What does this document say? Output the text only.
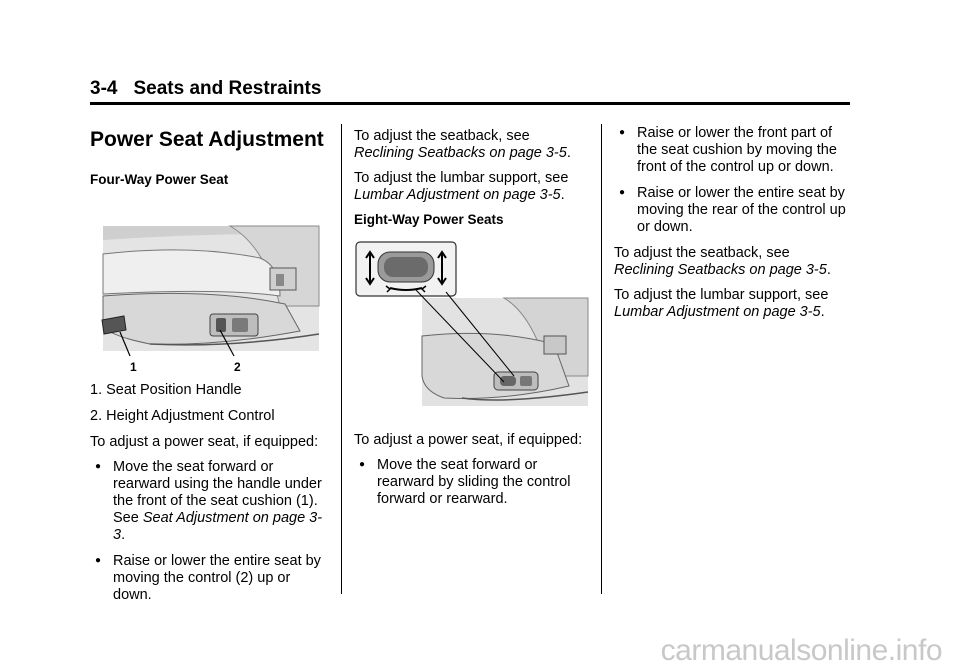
3-4 Seats and Restraints
Power Seat Adjustment
Four-Way Power Seat
1	2
1. Seat Position Handle
2. Height Adjustment Control

To adjust a power seat, if equipped:

● Move the seat forward or rearward using the handle under the front of the seat cushion (1). See Seat Adjustment on page 3-3.
● Raise or lower the entire seat by moving the control (2) up or down.

To adjust the seatback, see
Reclining Seatbacks on page 3-5.

To adjust the lumbar support, see
Lumbar Adjustment on page 3-5.

Eight-Way Power Seats

To adjust a power seat, if equipped:

● Move the seat forward or rearward by sliding the control forward or rearward.
● Raise or lower the front part of the seat cushion by moving the front of the control up or down.
● Raise or lower the entire seat by moving the rear of the control up or down.

To adjust the seatback, see
Reclining Seatbacks on page 3-5.

To adjust the lumbar support, see
Lumbar Adjustment on page 3-5.

carmanualsonline.info
